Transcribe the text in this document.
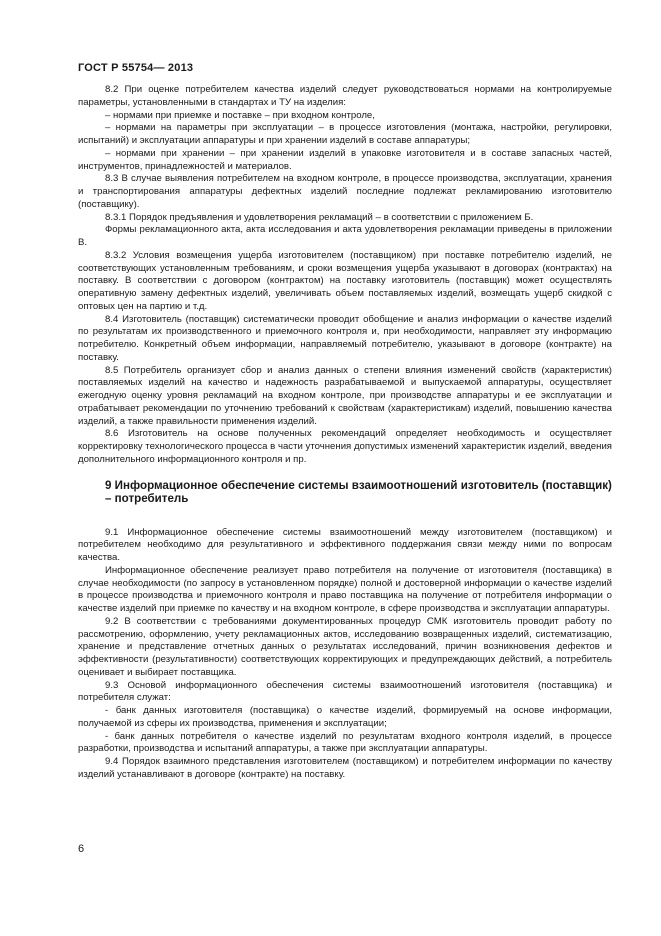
ГОСТ Р 55754— 2013

8.2 При оценке потребителем качества изделий следует руководствоваться нормами на контролируемые параметры, установленными в стандартах и ТУ на изделия:

– нормами при приемке и поставке – при входном контроле,

– нормами на параметры при эксплуатации – в процессе изготовления (монтажа, настройки, регулировки, испытаний) и эксплуатации аппаратуры и при хранении изделий в составе аппаратуры;

– нормами при хранении – при хранении изделий в упаковке изготовителя и в составе запасных частей, инструментов, принадлежностей и материалов.

8.3 В случае выявления потребителем на входном контроле, в процессе производства, эксплуатации, хранения и транспортирования аппаратуры дефектных изделий последние подлежат рекламированию изготовителю (поставщику).

8.3.1 Порядок предъявления и удовлетворения рекламаций – в соответствии с приложением Б.

Формы рекламационного акта, акта исследования и акта удовлетворения рекламации приведены в приложении В.

8.3.2 Условия возмещения ущерба изготовителем (поставщиком) при поставке потребителю изделий, не соответствующих установленным требованиям, и сроки возмещения ущерба указывают в договорах (контрактах) на поставку. В соответствии с договором (контрактом) на поставку изготовитель (поставщик) может осуществлять оперативную замену дефектных изделий, увеличивать объем поставляемых изделий, возмещать ущерб скидкой с оптовых цен на партию и т.д.

8.4 Изготовитель (поставщик) систематически проводит обобщение и анализ информации о качестве изделий по результатам их производственного и приемочного контроля и, при необходимости, направляет эту информацию потребителю. Конкретный объем информации, направляемый потребителю, указывают в договоре (контракте) на поставку.

8.5 Потребитель организует сбор и анализ данных о степени влияния изменений свойств (характеристик) поставляемых изделий на качество и надежность разрабатываемой и выпускаемой аппаратуры, осуществляет ежегодную оценку уровня рекламаций на входном контроле, при производстве аппаратуры и ее эксплуатации и отрабатывает рекомендации по уточнению требований к свойствам (характеристикам) изделий, повышению качества изделий, а также правильности применения изделий.

8.6 Изготовитель на основе полученных рекомендаций определяет необходимость и осуществляет корректировку технологического процесса в части уточнения допустимых изменений характеристик изделий, введения дополнительного информационного контроля и пр.

9 Информационное обеспечение системы взаимоотношений изготовитель (поставщик) – потребитель

9.1 Информационное обеспечение системы взаимоотношений между изготовителем (поставщиком) и потребителем необходимо для результативного и эффективного поддержания связи между ними по вопросам качества.

Информационное обеспечение реализует право потребителя на получение от изготовителя (поставщика) в случае необходимости (по запросу в установленном порядке) полной и достоверной информации о качестве изделий в процессе производства и приемочного контроля и право поставщика на получение от потребителя информации о качестве изделий при приемке по качеству и на входном контроле, в сфере производства и эксплуатации аппаратуры.

9.2 В соответствии с требованиями документированных процедур СМК изготовитель проводит работу по рассмотрению, оформлению, учету рекламационных актов, исследованию возвращенных изделий, систематизацию, хранение и представление отчетных данных о результатах исследований, причин возникновения дефектов и эффективности (результативности) соответствующих корректирующих и предупреждающих действий, а потребитель оценивает и выбирает поставщика.

9.3 Основой информационного обеспечения системы взаимоотношений изготовителя (поставщика) и потребителя служат:

- банк данных изготовителя (поставщика) о качестве изделий, формируемый на основе информации, получаемой из сферы их производства, применения и эксплуатации;

- банк данных потребителя о качестве изделий по результатам входного контроля изделий, в процессе разработки, производства и испытаний аппаратуры, а также при эксплуатации аппаратуры.

9.4 Порядок взаимного представления изготовителем (поставщиком) и потребителем информации по качеству изделий устанавливают в договоре (контракте) на поставку.

6
